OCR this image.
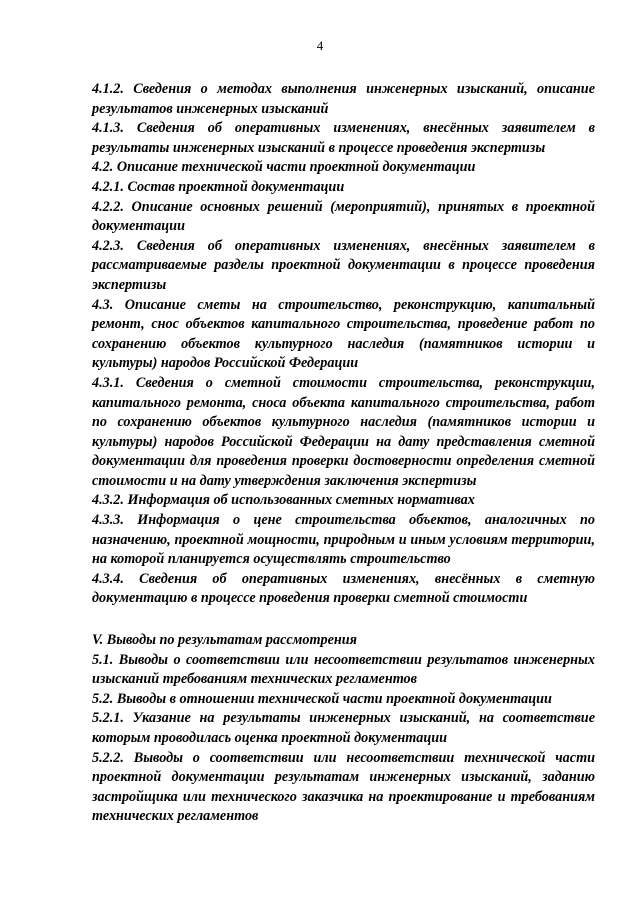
4

4.1.2. Сведения о методах выполнения инженерных изысканий, описание результатов инженерных изысканий

4.1.3. Сведения об оперативных изменениях, внесённых заявителем в результаты инженерных изысканий в процессе проведения экспертизы

4.2. Описание технической части проектной документации

4.2.1. Состав проектной документации

4.2.2. Описание основных решений (мероприятий), принятых в проектной документации

4.2.3. Сведения об оперативных изменениях, внесённых заявителем в рассматриваемые разделы проектной документации в процессе проведения экспертизы

4.3. Описание сметы на строительство, реконструкцию, капитальный ремонт, снос объектов капитального строительства, проведение работ по сохранению объектов культурного наследия (памятников истории и культуры) народов Российской Федерации

4.3.1. Сведения о сметной стоимости строительства, реконструкции, капитального ремонта, сноса объекта капитального строительства, работ по сохранению объектов культурного наследия (памятников истории и культуры) народов Российской Федерации на дату представления сметной документации для проведения проверки достоверности определения сметной стоимости и на дату утверждения заключения экспертизы

4.3.2. Информация об использованных сметных нормативах

4.3.3. Информация о цене строительства объектов, аналогичных по назначению, проектной мощности, природным и иным условиям территории, на которой планируется осуществлять строительство

4.3.4. Сведения об оперативных изменениях, внесённых в сметную документацию в процессе проведения проверки сметной стоимости

V. Выводы по результатам рассмотрения

5.1. Выводы о соответствии или несоответствии результатов инженерных изысканий требованиям технических регламентов

5.2. Выводы в отношении технической части проектной документации

5.2.1. Указание на результаты инженерных изысканий, на соответствие которым проводилась оценка проектной документации

5.2.2. Выводы о соответствии или несоответствии технической части проектной документации результатам инженерных изысканий, заданию застройщика или технического заказчика на проектирование и требованиям технических регламентов
